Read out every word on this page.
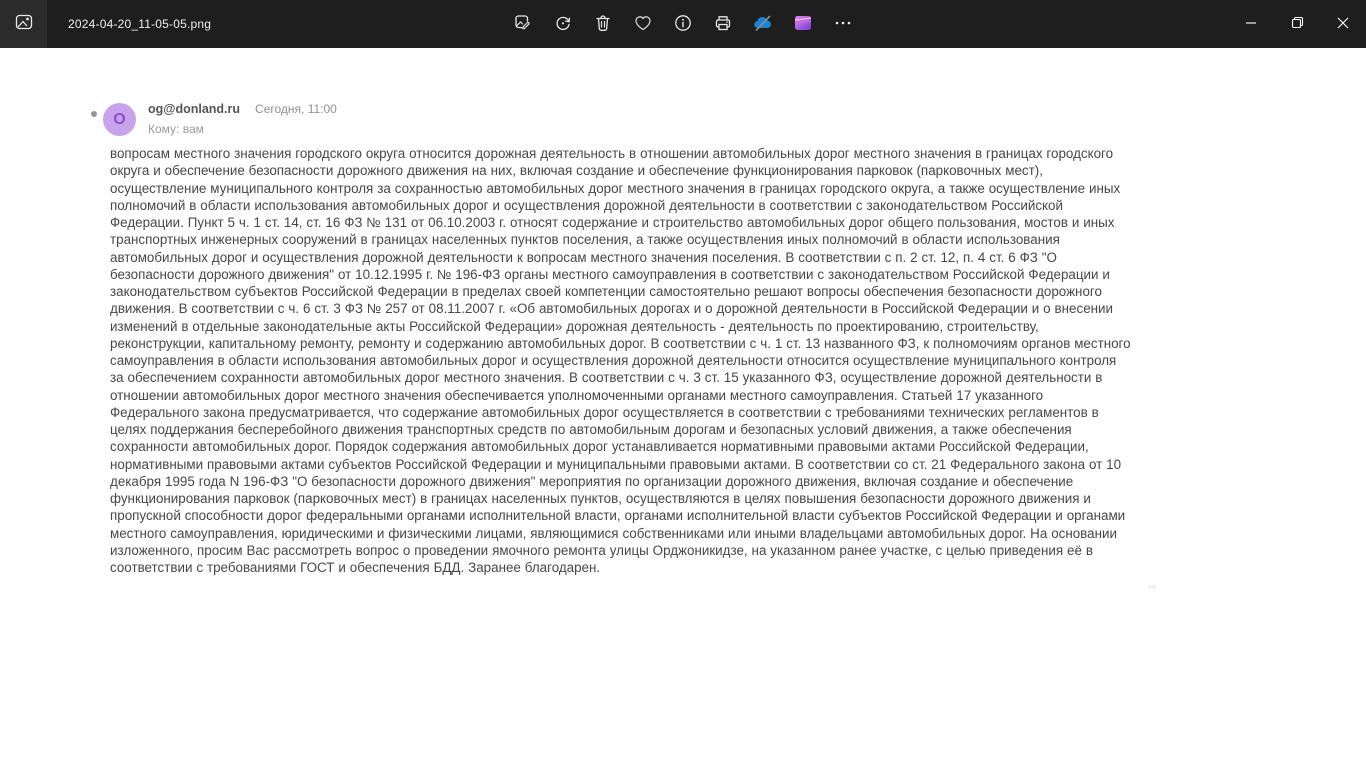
2024-04-20_11-05-05.png
O
og@donland.ru Сегодня, 11:00
Кому: вам
вопросам местного значения городского округа относится дорожная деятельность в отношении автомобильных дорог местного значения в границах городского округа и обеспечение безопасности дорожного движения на них, включая создание и обеспечение функционирования парковок (парковочных мест), осуществление муниципального контроля за сохранностью автомобильных дорог местного значения в границах городского округа, а также осуществление иных полномочий в области использования автомобильных дорог и осуществления дорожной деятельности в соответствии с законодательством Российской Федерации. Пункт 5 ч. 1 ст. 14, ст. 16 ФЗ № 131 от 06.10.2003 г. относят содержание и строительство автомобильных дорог общего пользования, мостов и иных транспортных инженерных сооружений в границах населенных пунктов поселения, а также осуществления иных полномочий в области использования автомобильных дорог и осуществления дорожной деятельности к вопросам местного значения поселения. В соответствии с п. 2 ст. 12, п. 4 ст. 6 ФЗ "О безопасности дорожного движения" от 10.12.1995 г. № 196-ФЗ органы местного самоуправления в соответствии с законодательством Российской Федерации и законодательством субъектов Российской Федерации в пределах своей компетенции самостоятельно решают вопросы обеспечения безопасности дорожного движения. В соответствии с ч. 6 ст. 3 ФЗ № 257 от 08.11.2007 г. «Об автомобильных дорогах и о дорожной деятельности в Российской Федерации и о внесении изменений в отдельные законодательные акты Российской Федерации» дорожная деятельность - деятельность по проектированию, строительству, реконструкции, капитальному ремонту, ремонту и содержанию автомобильных дорог. В соответствии с ч. 1 ст. 13 названного ФЗ, к полномочиям органов местного самоуправления в области использования автомобильных дорог и осуществления дорожной деятельности относится осуществление муниципального контроля за обеспечением сохранности автомобильных дорог местного значения. В соответствии с ч. 3 ст. 15 указанного ФЗ, осуществление дорожной деятельности в отношении автомобильных дорог местного значения обеспечивается уполномоченными органами местного самоуправления. Статьей 17 указанного Федерального закона предусматривается, что содержание автомобильных дорог осуществляется в соответствии с требованиями технических регламентов в целях поддержания бесперебойного движения транспортных средств по автомобильным дорогам и безопасных условий движения, а также обеспечения сохранности автомобильных дорог. Порядок содержания автомобильных дорог устанавливается нормативными правовыми актами Российской Федерации, нормативными правовыми актами субъектов Российской Федерации и муниципальными правовыми актами. В соответствии со ст. 21 Федерального закона от 10 декабря 1995 года N 196-ФЗ "О безопасности дорожного движения" мероприятия по организации дорожного движения, включая создание и обеспечение функционирования парковок (парковочных мест) в границах населенных пунктов, осуществляются в целях повышения безопасности дорожного движения и пропускной способности дорог федеральными органами исполнительной власти, органами исполнительной власти субъектов Российской Федерации и органами местного самоуправления, юридическими и физическими лицами, являющимися собственниками или иными владельцами автомобильных дорог. На основании изложенного, просим Вас рассмотреть вопрос о проведении ямочного ремонта улицы Орджоникидзе, на указанном ранее участке, с целью приведения её в соответствии с требованиями ГОСТ и обеспечения БДД. Заранее благодарен.
